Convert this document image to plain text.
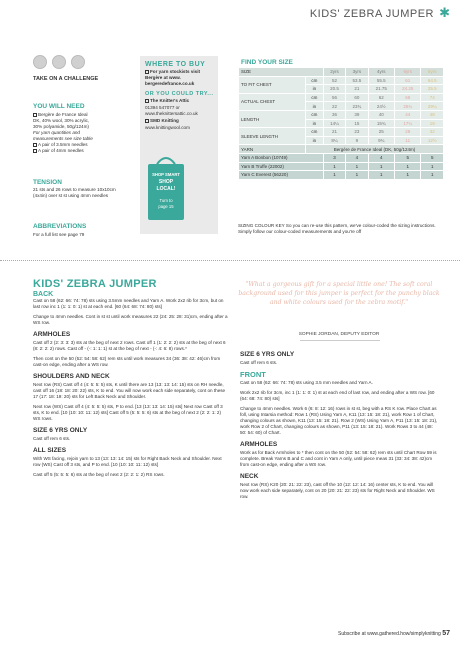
KIDS' ZEBRA JUMPER ✱
TAKE ON A CHALLENGE
YOU WILL NEED
Bergère de France Ideal
DK, 40% wool, 30% acrylic,
30% polyamide, 50g/124m)
For yarn quantities and
measurements see size table
A pair of 3.5mm needles
A pair of 4mm needles
TENSION
21 sts and 26 rows to measure 10x10cm (4x4in) over st st using 4mm needles
ABBREVIATIONS
For a full list see page 79
WHERE TO BUY
For yarn stockists visit Bergère at www. bergeredefrance.co.uk
OR YOU COULD TRY...
The Knitter's Attic
01394 547077 or
www.theknittersattic.co.uk
SMD Knitting
www.knittingwool.com
SHOP SMART
SHOP
LOCAL!
Turn to
page 15
FIND YOUR SIZE
SIZE		2yrs	3yrs	4yrs	6yrs	8yrs
TO FIT CHEST	cm	52	53.5	55.5	61	64.5
	in	20.5	21	21.75	24.25	25.5
ACTUAL CHEST	cm	56	60	62	68	74
	in	22	23¾	24½	26¾	29¼
LENGTH	cm	36	39	40	44	48
	in	14¼	15	15¾	17¼	19
SLEEVE LENGTH	cm	21	23	25	28	32
	in	8¼	9	9¾	11	12½
YARN	Bergère de France Ideal (DK, 50g/124m)					
Yarn A Bonbon (10749)		3	4	4	5	5
Yarn B Truffe (22002)		1	1	1	1	1
Yarn C Everest (56220)		1	1	1	1	1
SIZING COLOUR KEY So you can re-use this pattern, we've colour-coded the sizing instructions. Simply follow our colour-coded measurements and you're off
KIDS' ZEBRA JUMPER
BACK

Cast on 58 (62: 66: 74: 78) sts using 3.5mm needles and Yarn A. Work 2x2 rib for 3cm, but on last row inc 1 (1: 1: 0: 1) st at each end. [60 (64: 68: 74: 80) sts]

Change to 4mm needles. Cont in st st until work measures 22 (24: 25: 28: 31)cm, ending after a WS row.

ARMHOLES

Cast off 2 (2: 3: 3: 3) sts at the beg of next 2 rows. Cast off 1 (1: 2: 2: 2) sts at the beg of next 6 (8: 2: 2: 2) rows. Cast off - (-: 1: 1: 1) st at the beg of next - (-: 4: 6: 8) rows.*

Then cont on the 50 (52: 54: 58: 62) rem sts until work measures 34 (36: 38: 42: 46)cm from cast-on edge, ending after a WS row.

SHOULDERS AND NECK

Next row (RS) Cast off 4 (4: 5: 5: 5) sts, K until there are 13 (13: 13: 14: 15) sts on RH needle, cast off 16 (18: 18: 20: 22) sts, K to end. You will now work each side separately, cont on these 17 (17: 18: 19: 20) sts for Left Back Neck and Shoulder.

Next row (WS) Cast off 4 (4: 5: 5: 5) sts, P to end. [13 (13: 13: 14: 15) sts] Next row Cast off 3 sts, K to end. [10 (10: 10: 11: 12) sts] Cast off 5 (5: 5: 5: 6) sts at the beg of next 2 (2: 2: 1: 2) WS rows.

SIZE 6 YRS ONLY

Cast off rem 6 sts.

ALL SIZES

With WS facing, rejoin yarn to 13 (13: 13: 14: 15) sts for Right Back Neck and Shoulder. Next row (WS) Cast off 3 sts, and P to end. [10 (10: 10: 11: 12) sts]

Cast off 5 (5: 5: 5: 6) sts at the beg of next 2 (2: 2: 1: 2) RS rows.

"What a gorgeous gift for a special little one! The soft coral background used for this jumper is perfect for the punchy black and white colours used for the zebra motif."
SOPHIE JORDAN, DEPUTY EDITOR
SIZE 6 YRS ONLY

Cast off rem 6 sts.

FRONT

Cast on 58 (62: 66: 74: 78) sts using 3.5 mm needles and Yarn A.

Work 2x2 rib for 3cm, inc 1 (1: 1: 0: 1) st at each end of last row, and ending after a WS row. [60 (64: 68: 74: 80) sts]

Change to 4mm needles. Work 6 (6: 8: 12: 16) rows in st st, beg with a RS K row. Place Chart as foll, using Intarsia method: Row 1 (RS) Using Yarn A, K11 (13: 15: 18: 21), work Row 1 of Chart, changing colours as shown, K11 (13: 15: 18: 21). Row 2 (WS) Using Yarn A, P11 (13: 15: 18: 21), work Row 2 of Chart, changing colours as shown, P11 (13: 15: 18: 21). Work Rows 3 to 44 (48: 50: 54: 60) of Chart.

ARMHOLES

Work as for Back Armholes to * then cont on the 50 (52: 54: 58: 62) rem sts until Chart Row 59 is complete. Break Yarns B and C and cont in Yarn A only, until piece meas 31 (33: 34: 38: 42)cm from cast-on edge, ending after a WS row.

NECK

Next row (RS) K20 (20: 21: 22: 23), cast off the 10 (12: 12: 14: 16) center sts, K to end. You will now work each side separately, cont on 20 (20: 21: 22: 23) sts for Right Neck and Shoulder. WS row.

Subscribe at www.gathered.how/simplyknitting 57
